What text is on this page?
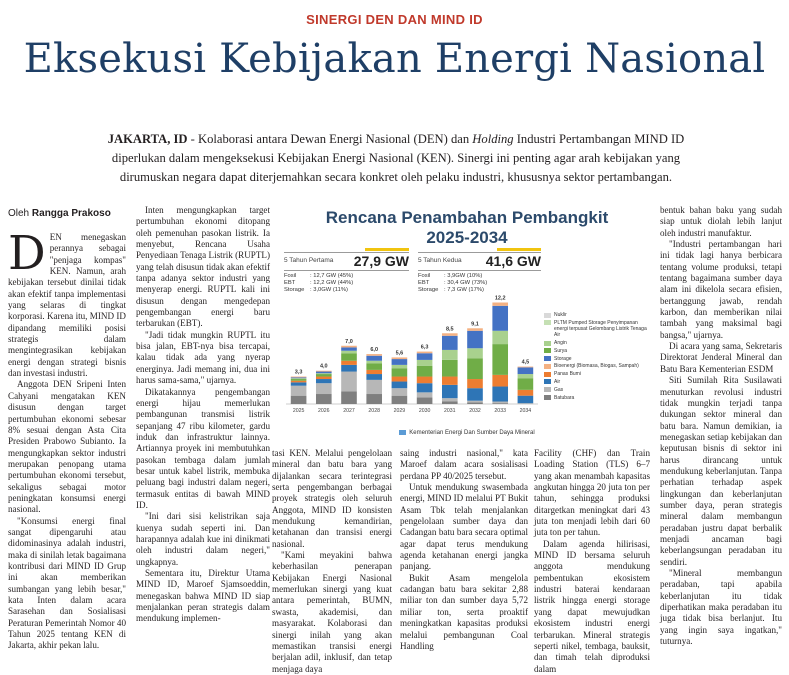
SINERGI DEN DAN MIND ID
Eksekusi Kebijakan Energi Nasional
JAKARTA, ID - Kolaborasi antara Dewan Energi Nasional (DEN) dan Holding Industri Pertambangan MIND ID diperlukan dalam mengeksekusi Kebijakan Energi Nasional (KEN). Sinergi ini penting agar arah kebijakan yang dirumuskan negara dapat diterjemahkan secara konkret oleh pelaku industri, khususnya sektor pertambangan.
Oleh Rangga Prakoso
D EN menegaskan perannya sebagai "penjaga kompas" KEN. Namun, arah kebijakan tersebut dinilai tidak akan efektif tanpa implementasi yang selaras di tingkat korporasi. Karena itu, MIND ID dipandang memiliki posisi strategis dalam mengintegrasikan kebijakan energi dengan strategi bisnis dan investasi industri.

Anggota DEN Sripeni Inten Cahyani mengatakan KEN disusun dengan target pertumbuhan ekonomi sebesar 8% sesuai dengan Asta Cita Presiden Prabowo Subianto. Ia mengungkapkan sektor industri merupakan penopang utama pertumbuhan ekonomi tersebut, sekaligus sebagai motor peningkatan konsumsi energi nasional.

"Konsumsi energi final sangat dipengaruhi atau didominasinya adalah industri, maka di sinilah letak bagaimana kontribusi dari MIND ID Grup ini akan memberikan sumbangan yang lebih besar," kata Inten dalam acara Sarasehan dan Sosialisasi Peraturan Pemerintah Nomor 40 Tahun 2025 tentang KEN di Jakarta, akhir pekan lalu.

Inten mengungkapkan target pertumbuhan ekonomi ditopang oleh pemenuhan pasokan listrik. Ia menyebut, Rencana Usaha Penyediaan Tenaga Listrik (RUPTL) yang telah disusun tidak akan efektif tanpa adanya sektor industri yang menyerap energi. RUPTL kali ini disusun dengan mengedepan pengembangan energi baru terbarukan (EBT).

"Jadi tidak mungkin RUPTL itu bisa jalan, EBT-nya bisa tercapai, kalau tidak ada yang nyerap energinya. Jadi memang ini, dua ini harus sama-sama," ujarnya.

Dikatakannya pengembangan energi hijau memerlukan pembangunan transmisi listrik sepanjang 47 ribu kilometer, gardu induk dan infrastruktur lainnya. Artiannya proyek ini membutuhkan pasokan tembaga dalam jumlah besar untuk kabel listrik, membuka peluang bagi industri dalam negeri, termasuk entitas di bawah MIND ID.

"Ini dari sisi kelistrikan saja kuenya sudah seperti ini. Dan harapannya adalah kue ini dinikmati oleh industri dalam negeri," ungkapnya.

Sementara itu, Direktur Utama MIND ID, Maroef Sjamsoeddin, menegaskan bahwa MIND ID siap menjalankan peran strategis dalam mendukung implemen-

Rencana Penambahan Pembangkit
2025-2034
5 Tahun Pertama 27,9 GW 5 Tahun Kedua 41,6 GW
Fosil : 12,7 GW (45%)
EBT	: 12,2 GW (44%)
Storage : 3,0GW (11%)
Fosil : 3,9GW (10%)
EBT	: 30,4 GW (73%)
Storage : 7,3 GW (17%)
3,3
2025
4,0
2026
7,0
2027
6,0
2028
5,6
2029
6,3
2030
8,5
2031
9,1
2032
12,2
2033
4,5
2034
Nuklir
PLTM Pumped Storage Penyimpanan energi terpusat Gelombang Listrik Tenaga Air
Angin
Surya
Storage
Bioenergi (Biomasa, Biogas, Sampah)
Panas Bumi
Air
Gas
Batubara
Kementerian Energi Dan Sumber Daya Mineral

tasi KEN. Melalui pengelolaan mineral dan batu bara yang dijalankan secara terintegrasi serta pengembangan berbagai proyek strategis oleh seluruh Anggota, MIND ID konsisten mendukung kemandirian, ketahanan dan transisi energi nasional.

"Kami meyakini bahwa keberhasilan penerapan Kebijakan Energi Nasional memerlukan sinergi yang kuat antara pemerintah, BUMN, swasta, akademisi, dan masyarakat. Kolaborasi dan sinergi inilah yang akan memastikan transisi energi berjalan adil, inklusif, dan tetap menjaga daya

saing industri nasional," kata Maroef dalam acara sosialisasi perdana PP 40/2025 tersebut.

Untuk mendukung swasembada energi, MIND ID melalui PT Bukit Asam Tbk telah menjalankan pengelolaan sumber daya dan Cadangan batu bara secara optimal agar dapat terus mendukung agenda ketahanan energi jangka panjang.

Bukit Asam mengelola cadangan batu bara sekitar 2,88 miliar ton dan sumber daya 5,72 miliar ton, serta proaktif meningkatkan kapasitas produksi melalui pembangunan Coal Handling

Facility (CHF) dan Train Loading Station (TLS) 6–7 yang akan menambah kapasitas angkutan hingga 20 juta ton per tahun, sehingga produksi ditargetkan meningkat dari 43 juta ton menjadi lebih dari 60 juta ton per tahun.

Dalam agenda hilirisasi, MIND ID bersama seluruh anggota mendukung pembentukan ekosistem industri baterai kendaraan listrik hingga energi storage yang dapat mewujudkan ekosistem industri energi terbarukan. Mineral strategis seperti nikel, tembaga, bauksit, dan timah telah diproduksi dalam

bentuk bahan baku yang sudah siap untuk diolah lebih lanjut oleh industri manufaktur.

"Industri pertambangan hari ini tidak lagi hanya berbicara tentang volume produksi, tetapi tentang bagaimana sumber daya alam ini dikelola secara efisien, bertanggung jawab, rendah karbon, dan memberikan nilai tambah yang maksimal bagi bangsa," ujarnya.

Di acara yang sama, Sekretaris Direktorat Jenderal Mineral dan Batu Bara Kementerian ESDM

Siti Sumilah Rita Susilawati menuturkan revolusi industri tidak mungkin terjadi tanpa dukungan sektor mineral dan batu bara. Namun demikian, ia menegaskan setiap kebijakan dan keputusan bisnis di sektor ini harus dirancang untuk mendukung keberlanjutan. Tanpa perhatian terhadap aspek lingkungan dan keberlanjutan sumber daya, peran strategis mineral dalam membangun peradaban justru dapat berbalik menjadi ancaman bagi keberlangsungan peradaban itu sendiri.

"Mineral membangun peradaban, tapi apabila keberlanjutan itu tidak diperhatikan maka peradaban itu juga tidak bisa berlanjut. Itu yang ingin saya ingatkan," tuturnya.
